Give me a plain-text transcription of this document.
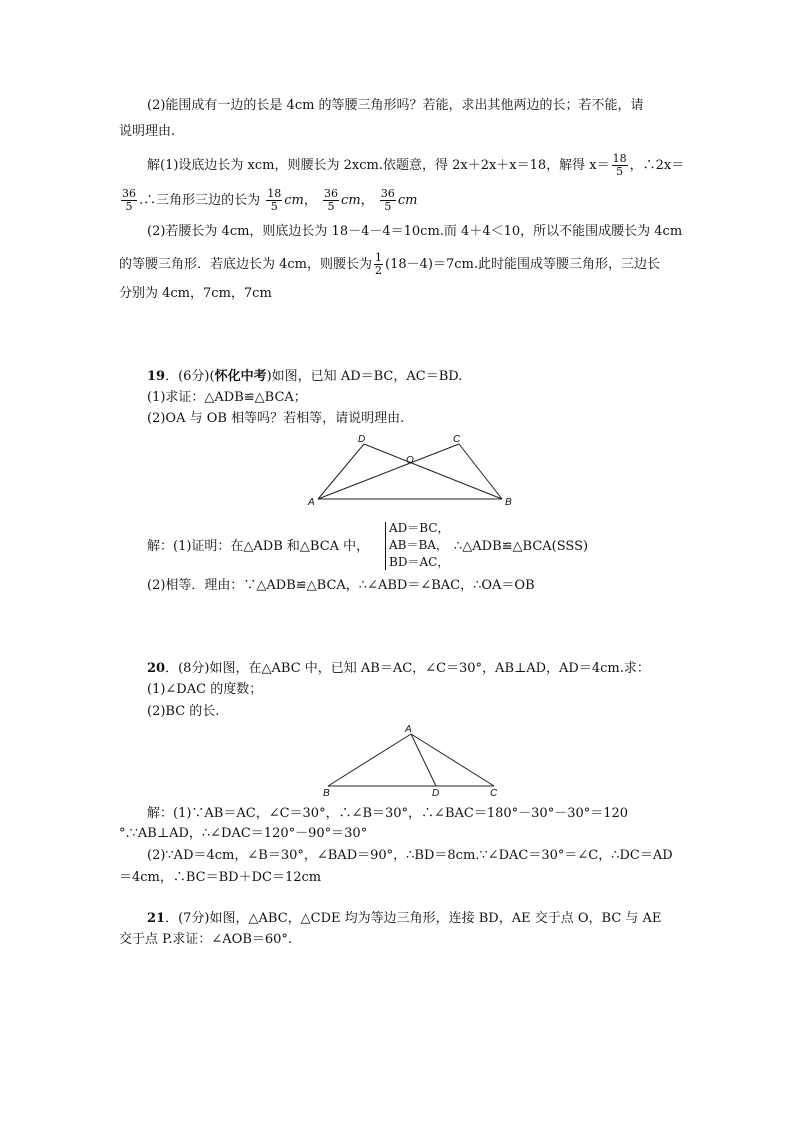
(2)能围成有一边的长是 4cm 的等腰三角形吗？若能，求出其他两边的长；若不能，请
说明理由.
解(1)设底边长为 xcm，则腰长为 2xcm.依题意，得 2x＋2x＋x＝18，解得 $x= \frac{18}{5}$ ，∴2x＝
$\frac{36}{5}$ .∴三角形三边的长为 $\frac{18}{5}$ cm， $\frac{36}{5}$ cm， $\frac{36}{5}$ cm
(2)若腰长为 4cm，则底边长为 18－4－4＝10cm.而 4＋4＜10，所以不能围成腰长为 4cm
的等腰三角形．若底边长为 4cm，则腰长为 $\frac{1}{2} (18-4)=7cm$.此时能围成等腰三角形，三边长
分别为 4cm，7cm，7cm
19．(6分)(怀化中考)如图，已知 AD＝BC，AC＝BD.
(1)求证：△ADB≌△BCA；
(2)OA 与 OB 相等吗？若相等，请说明理由.
D	C
O
A	B
解：(1)证明：在△ADB 和△BCA 中，
AD＝BC，
AB＝BA，
BD＝AC，
∴△ADB≌△BCA(SSS)
(2)相等．理由：∵△ADB≌△BCA，∴∠ABD＝∠BAC，∴OA＝OB
20．(8分)如图，在△ABC 中，已知 AB＝AC，∠C＝30°，AB⊥AD，AD＝4cm.求：
(1)∠DAC 的度数；
(2)BC 的长.
A
B	D	C
解：(1)∵AB＝AC，∠C＝30°，∴∠B＝30°，∴∠BAC＝180°－30°－30°＝120
°.∵AB⊥AD，∴∠DAC＝120°－90°＝30°
(2)∵AD＝4cm，∠B＝30°，∠BAD＝90°，∴BD＝8cm.∵∠DAC＝30°＝∠C，∴DC＝AD
＝4cm，∴BC＝BD＋DC＝12cm
21．(7分)如图，△ABC，△CDE 均为等边三角形，连接 BD，AE 交于点 O，BC 与 AE
交于点 P.求证：∠AOB＝60°.
